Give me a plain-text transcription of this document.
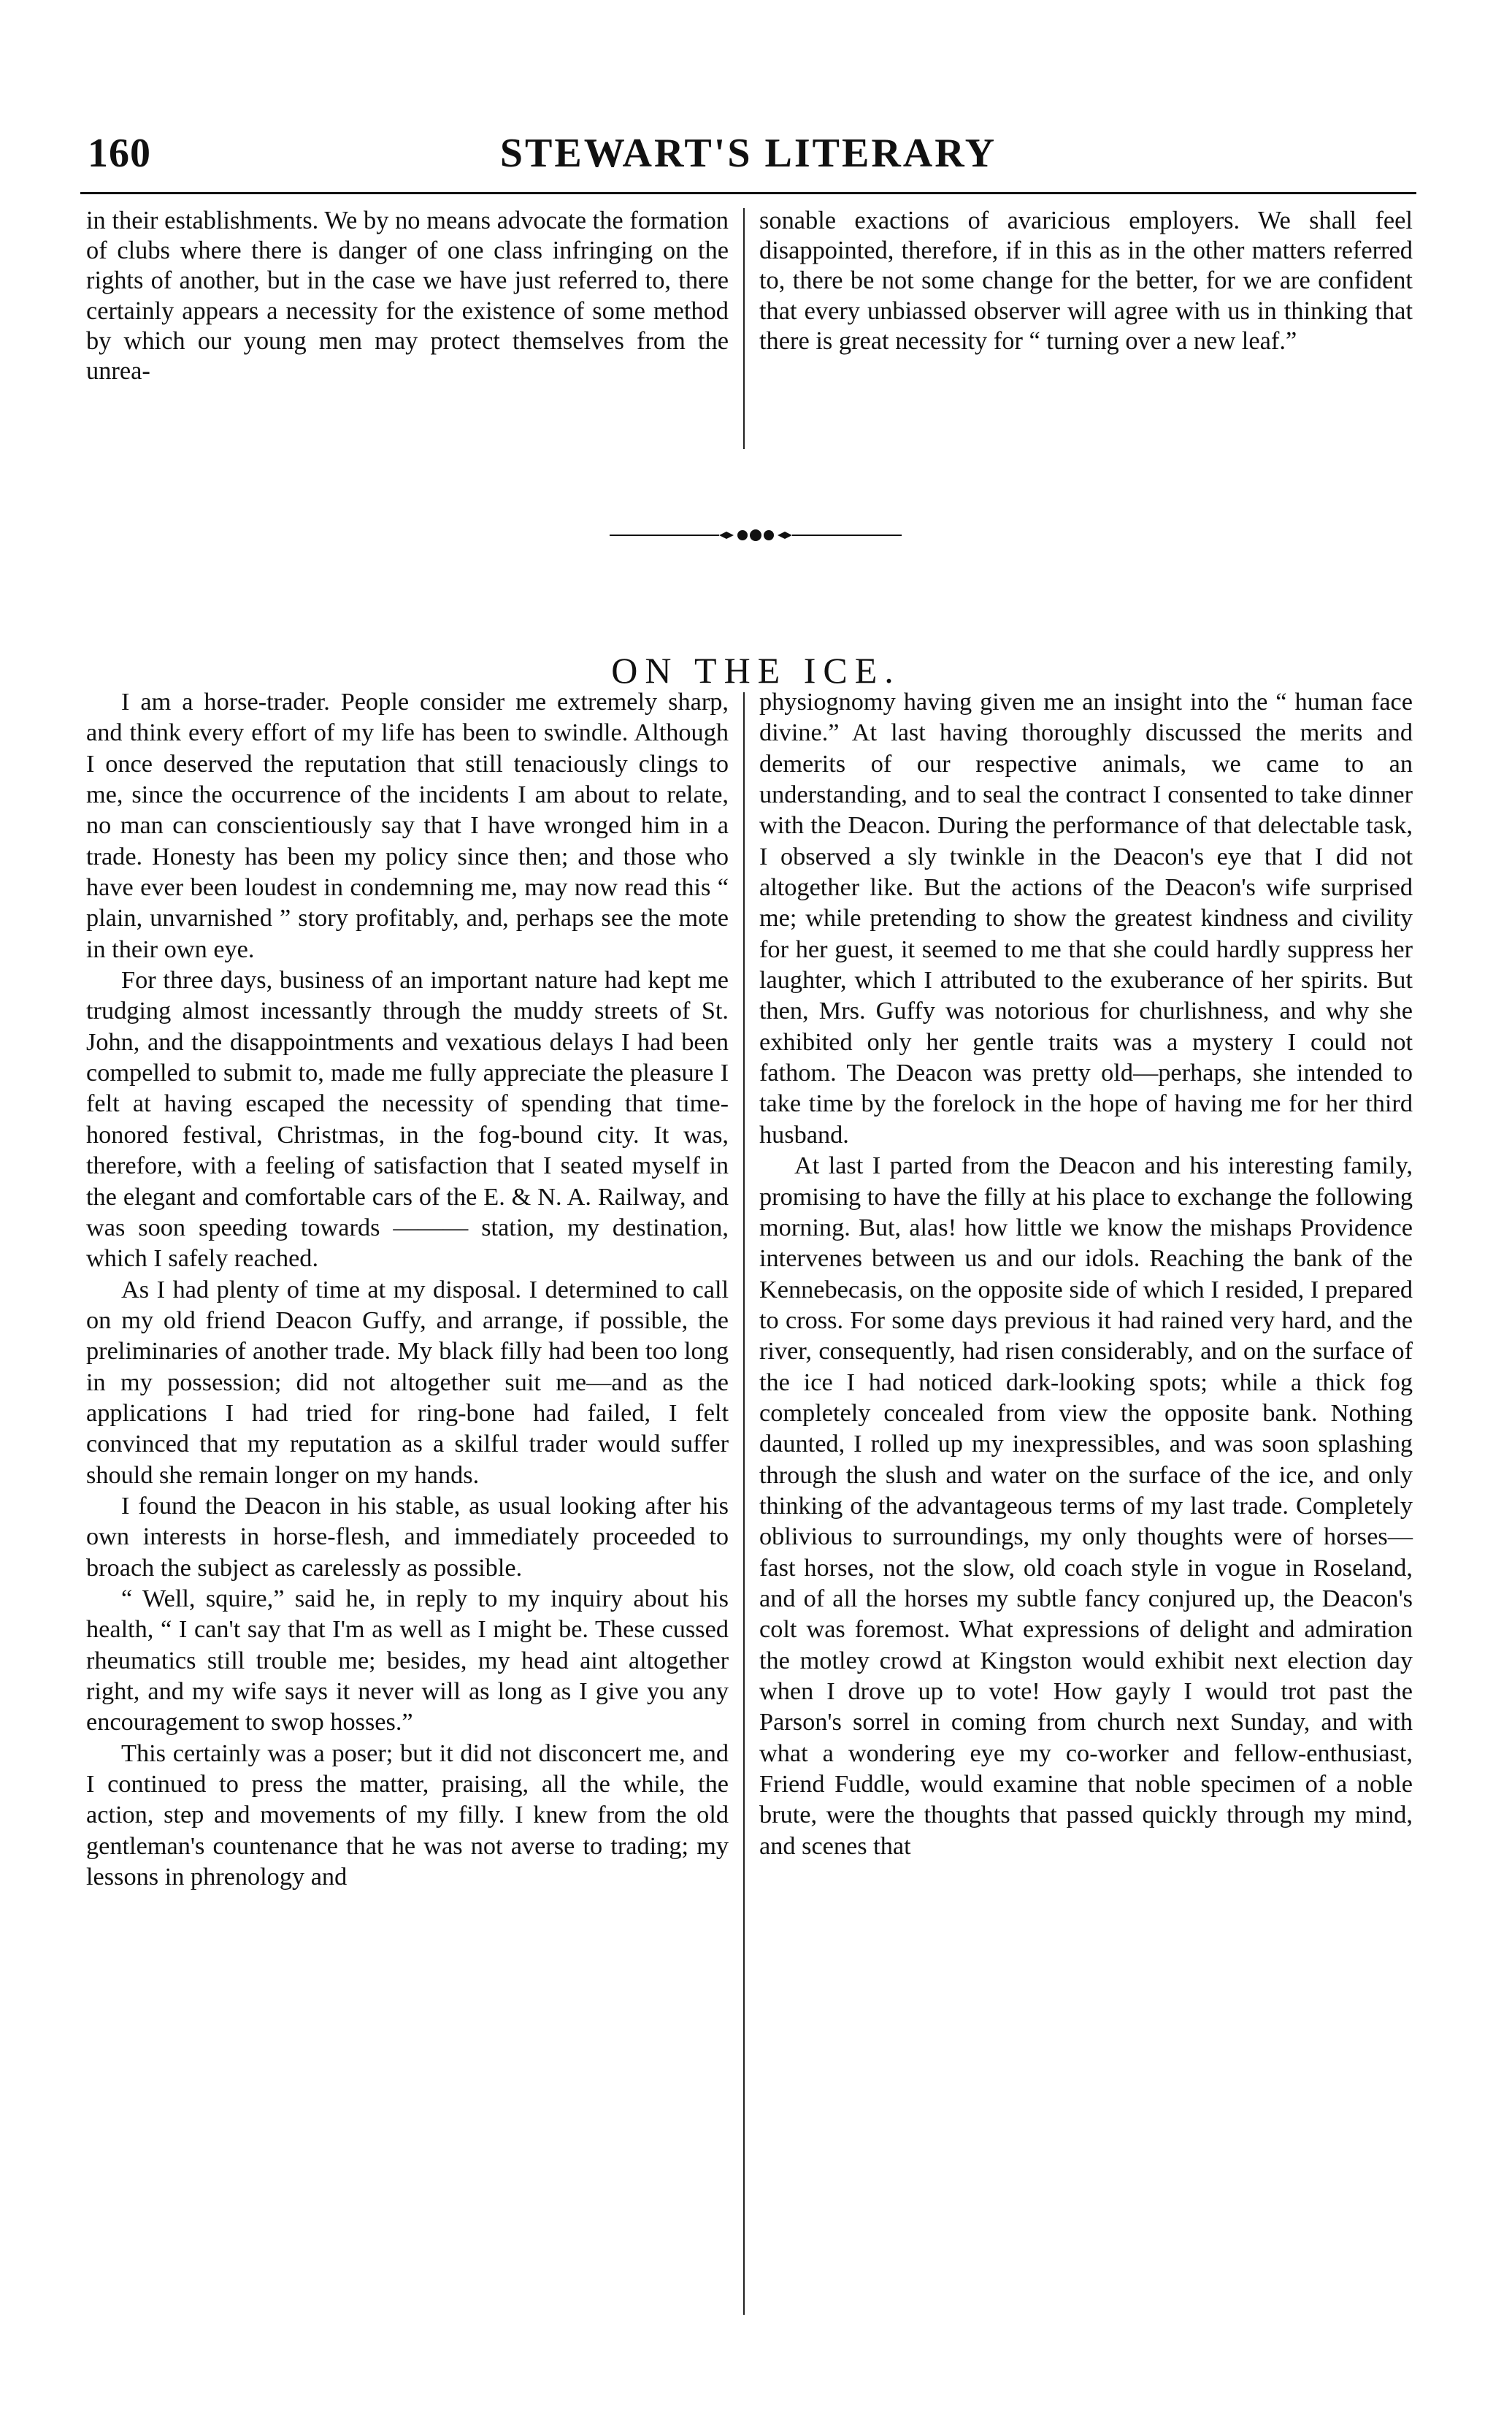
160	STEWART'S LITERARY

in their establishments. We by no means advocate the formation of clubs where there is danger of one class infringing on the rights of another, but in the case we have just referred to, there certainly appears a necessity for the existence of some method by which our young men may protect themselves from the unrea-

sonable exactions of avaricious employers. We shall feel disappointed, therefore, if in this as in the other matters referred to, there be not some change for the better, for we are confident that every unbiassed observer will agree with us in thinking that there is great necessity for “ turning over a new leaf.”

ON THE ICE.

I am a horse-trader. People consider me extremely sharp, and think every effort of my life has been to swindle. Although I once deserved the reputation that still tenaciously clings to me, since the occurrence of the incidents I am about to relate, no man can conscientiously say that I have wronged him in a trade. Honesty has been my policy since then; and those who have ever been loudest in condemning me, may now read this “ plain, unvarnished ” story profitably, and, perhaps see the mote in their own eye.

For three days, business of an important nature had kept me trudging almost incessantly through the muddy streets of St. John, and the disappointments and vexatious delays I had been compelled to submit to, made me fully appreciate the pleasure I felt at having escaped the necessity of spending that time-honored festival, Christmas, in the fog-bound city. It was, therefore, with a feeling of satisfaction that I seated myself in the elegant and comfortable cars of the E. & N. A. Railway, and was soon speeding towards ——— station, my destination, which I safely reached.

As I had plenty of time at my disposal. I determined to call on my old friend Deacon Guffy, and arrange, if possible, the preliminaries of another trade. My black filly had been too long in my possession; did not altogether suit me—and as the applications I had tried for ring-bone had failed, I felt convinced that my reputation as a skilful trader would suffer should she remain longer on my hands.

I found the Deacon in his stable, as usual looking after his own interests in horse-flesh, and immediately proceeded to broach the subject as carelessly as possible.

“ Well, squire,” said he, in reply to my inquiry about his health, “ I can't say that I'm as well as I might be. These cussed rheumatics still trouble me; besides, my head aint altogether right, and my wife says it never will as long as I give you any encouragement to swop hosses.”

This certainly was a poser; but it did not disconcert me, and I continued to press the matter, praising, all the while, the action, step and movements of my filly. I knew from the old gentleman's countenance that he was not averse to trading; my lessons in phrenology and

physiognomy having given me an insight into the “ human face divine.” At last having thoroughly discussed the merits and demerits of our respective animals, we came to an understanding, and to seal the contract I consented to take dinner with the Deacon. During the performance of that delectable task, I observed a sly twinkle in the Deacon's eye that I did not altogether like. But the actions of the Deacon's wife surprised me; while pretending to show the greatest kindness and civility for her guest, it seemed to me that she could hardly suppress her laughter, which I attributed to the exuberance of her spirits. But then, Mrs. Guffy was notorious for churlishness, and why she exhibited only her gentle traits was a mystery I could not fathom. The Deacon was pretty old—perhaps, she intended to take time by the forelock in the hope of having me for her third husband.

At last I parted from the Deacon and his interesting family, promising to have the filly at his place to exchange the following morning. But, alas! how little we know the mishaps Providence intervenes between us and our idols. Reaching the bank of the Kennebecasis, on the opposite side of which I resided, I prepared to cross. For some days previous it had rained very hard, and the river, consequently, had risen considerably, and on the surface of the ice I had noticed dark-looking spots; while a thick fog completely concealed from view the opposite bank. Nothing daunted, I rolled up my inexpressibles, and was soon splashing through the slush and water on the surface of the ice, and only thinking of the advantageous terms of my last trade. Completely oblivious to surroundings, my only thoughts were of horses—fast horses, not the slow, old coach style in vogue in Roseland, and of all the horses my subtle fancy conjured up, the Deacon's colt was foremost. What expressions of delight and admiration the motley crowd at Kingston would exhibit next election day when I drove up to vote! How gayly I would trot past the Parson's sorrel in coming from church next Sunday, and with what a wondering eye my co-worker and fellow-enthusiast, Friend Fuddle, would examine that noble specimen of a noble brute, were the thoughts that passed quickly through my mind, and scenes that
